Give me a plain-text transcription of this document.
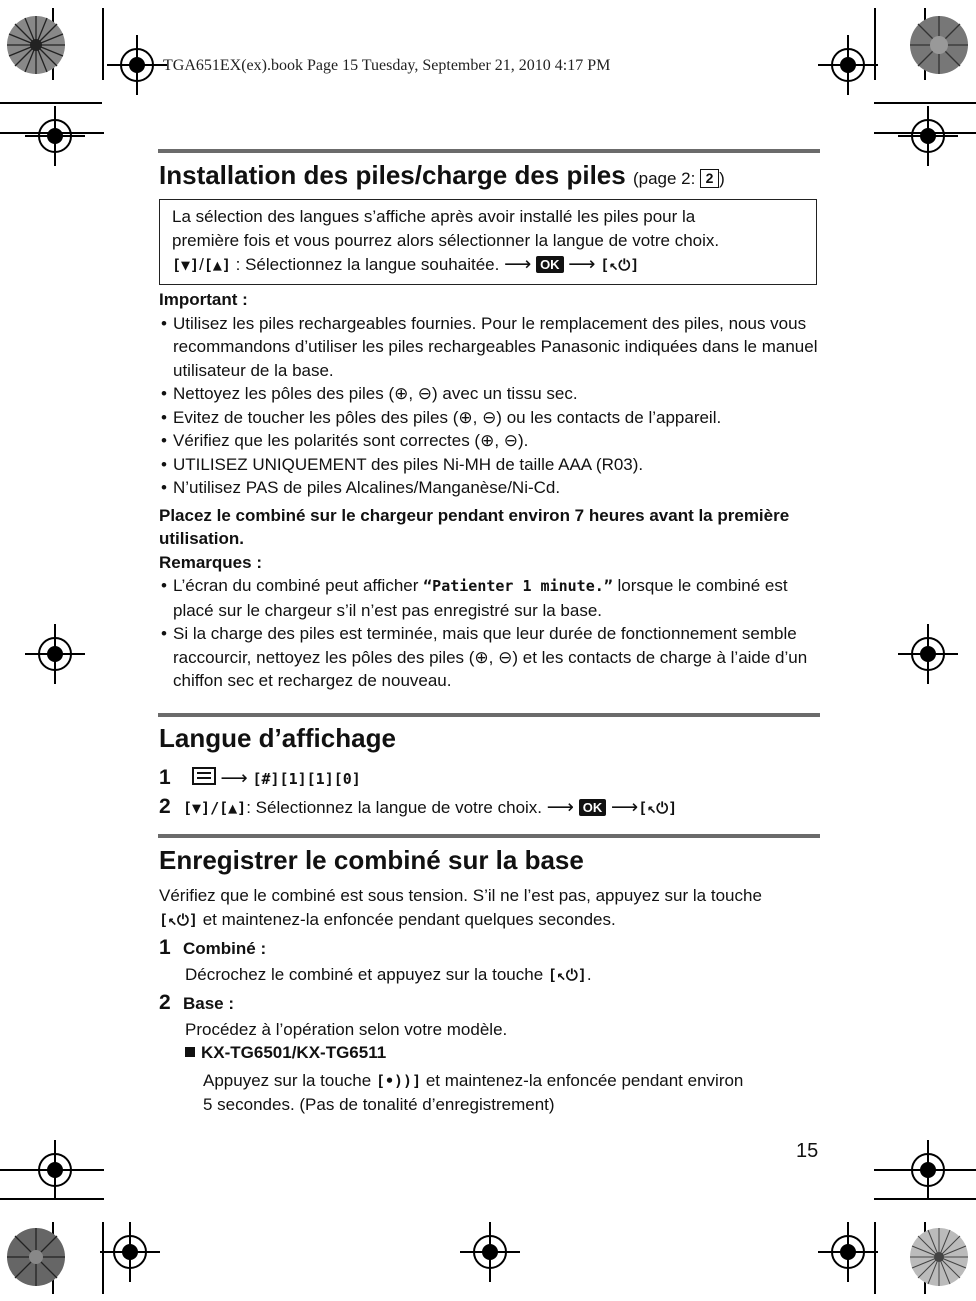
TGA651EX(ex).book Page 15 Tuesday, September 21, 2010 4:17 PM
Installation des piles/charge des piles (page 2: 2 )
La sélection des langues s’affiche après avoir installé les piles pour la
première fois et vous pourrez alors sélectionner la langue de votre choix.
[▼]/[▲] : Sélectionnez la langue souhaitée. ⟶ OK ⟶ [↖⏻]
Important :
• Utilisez les piles rechargeables fournies. Pour le remplacement des piles, nous vous recommandons d’utiliser les piles rechargeables Panasonic indiquées dans le manuel utilisateur de la base.
• Nettoyez les pôles des piles (⊕, ⊖) avec un tissu sec.
• Evitez de toucher les pôles des piles (⊕, ⊖) ou les contacts de l’appareil.
• Vérifiez que les polarités sont correctes (⊕, ⊖).
• UTILISEZ UNIQUEMENT des piles Ni-MH de taille AAA (R03).
• N’utilisez PAS de piles Alcalines/Manganèse/Ni-Cd.
Placez le combiné sur le chargeur pendant environ 7 heures avant la première utilisation.
Remarques :
• L’écran du combiné peut afficher “Patienter 1 minute.” lorsque le combiné est placé sur le chargeur s’il n’est pas enregistré sur la base.
• Si la charge des piles est terminée, mais que leur durée de fonctionnement semble raccourcir, nettoyez les pôles des piles (⊕, ⊖) et les contacts de charge à l’aide d’un chiffon sec et rechargez de nouveau.
Langue d’affichage
1	⟶ [#][1][1][0]
2 [▼]/[▲]: Sélectionnez la langue de votre choix. ⟶ OK ⟶[↖⏻]
Enregistrer le combiné sur la base
Vérifiez que le combiné est sous tension. S’il ne l’est pas, appuyez sur la touche
[↖⏻] et maintenez-la enfoncée pendant quelques secondes.
1 Combiné :
Décrochez le combiné et appuyez sur la touche [↖⏻].
2 Base :
Procédez à l’opération selon votre modèle.
KX-TG6501/KX-TG6511
Appuyez sur la touche [•))] et maintenez-la enfoncée pendant environ
5 secondes. (Pas de tonalité d’enregistrement)
15
